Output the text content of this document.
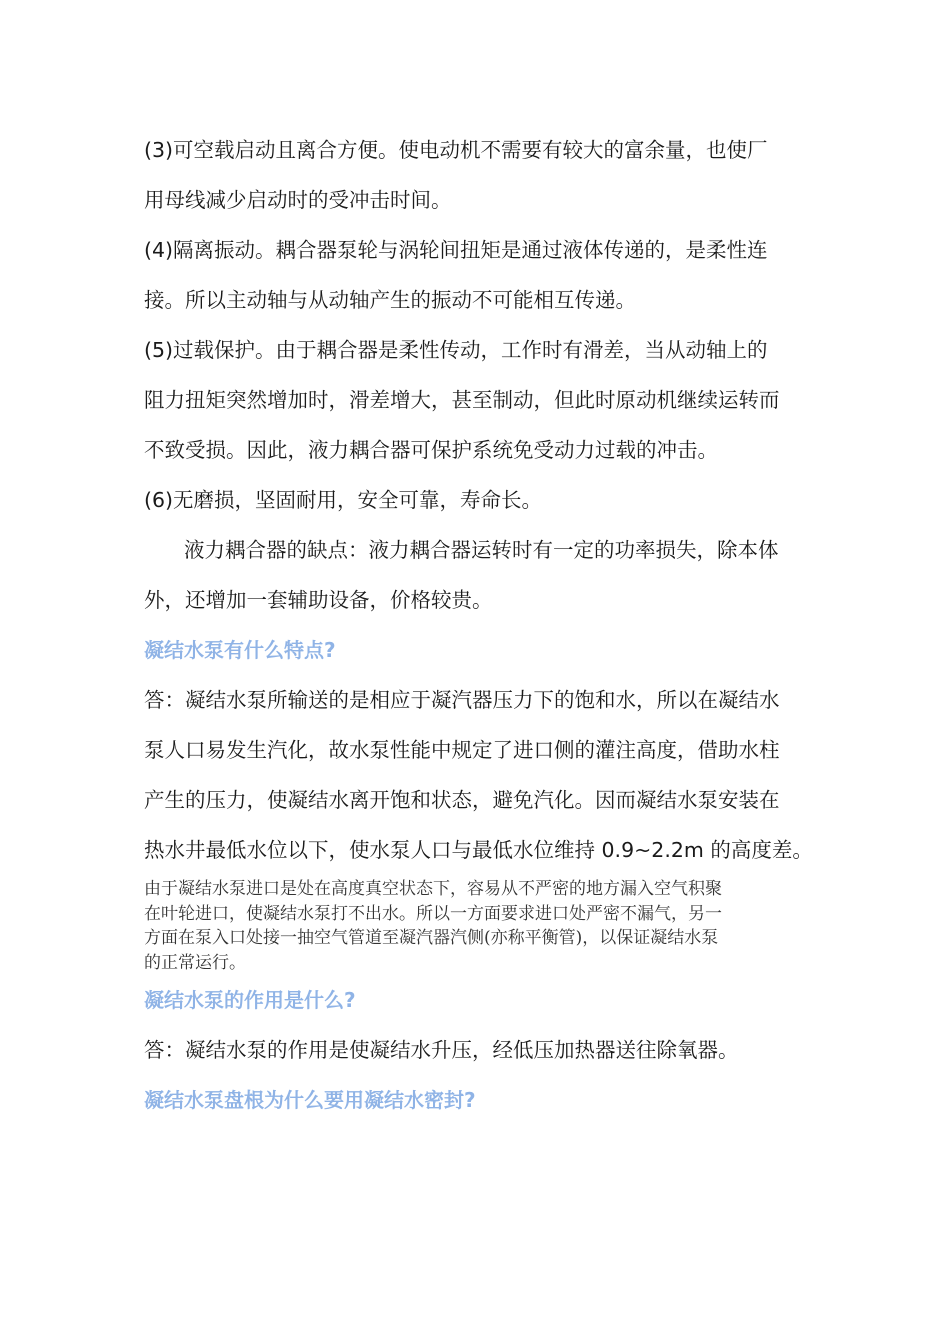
(3)可空载启动且离合方便。使电动机不需要有较大的富余量，也使厂

用母线减少启动时的受冲击时间。

(4)隔离振动。耦合器泵轮与涡轮间扭矩是通过液体传递的，是柔性连

接。所以主动轴与从动轴产生的振动不可能相互传递。

(5)过载保护。由于耦合器是柔性传动，工作时有滑差，当从动轴上的

阻力扭矩突然增加时，滑差增大，甚至制动，但此时原动机继续运转而

不致受损。因此，液力耦合器可保护系统免受动力过载的冲击。

(6)无磨损，坚固耐用，安全可靠，寿命长。

液力耦合器的缺点：液力耦合器运转时有一定的功率损失，除本体

外，还增加一套辅助设备，价格较贵。

凝结水泵有什么特点?

答：凝结水泵所输送的是相应于凝汽器压力下的饱和水，所以在凝结水

泵人口易发生汽化，故水泵性能中规定了进口侧的灌注高度，借助水柱

产生的压力，使凝结水离开饱和状态，避免汽化。因而凝结水泵安装在

热水井最低水位以下，使水泵人口与最低水位维持 0.9~2.2m 的高度差。

由于凝结水泵进口是处在高度真空状态下，容易从不严密的地方漏入空气积聚

在叶轮进口，使凝结水泵打不出水。所以一方面要求进口处严密不漏气，另一

方面在泵入口处接一抽空气管道至凝汽器汽侧(亦称平衡管)，以保证凝结水泵

的正常运行。

凝结水泵的作用是什么?

答：凝结水泵的作用是使凝结水升压，经低压加热器送往除氧器。

凝结水泵盘根为什么要用凝结水密封?
